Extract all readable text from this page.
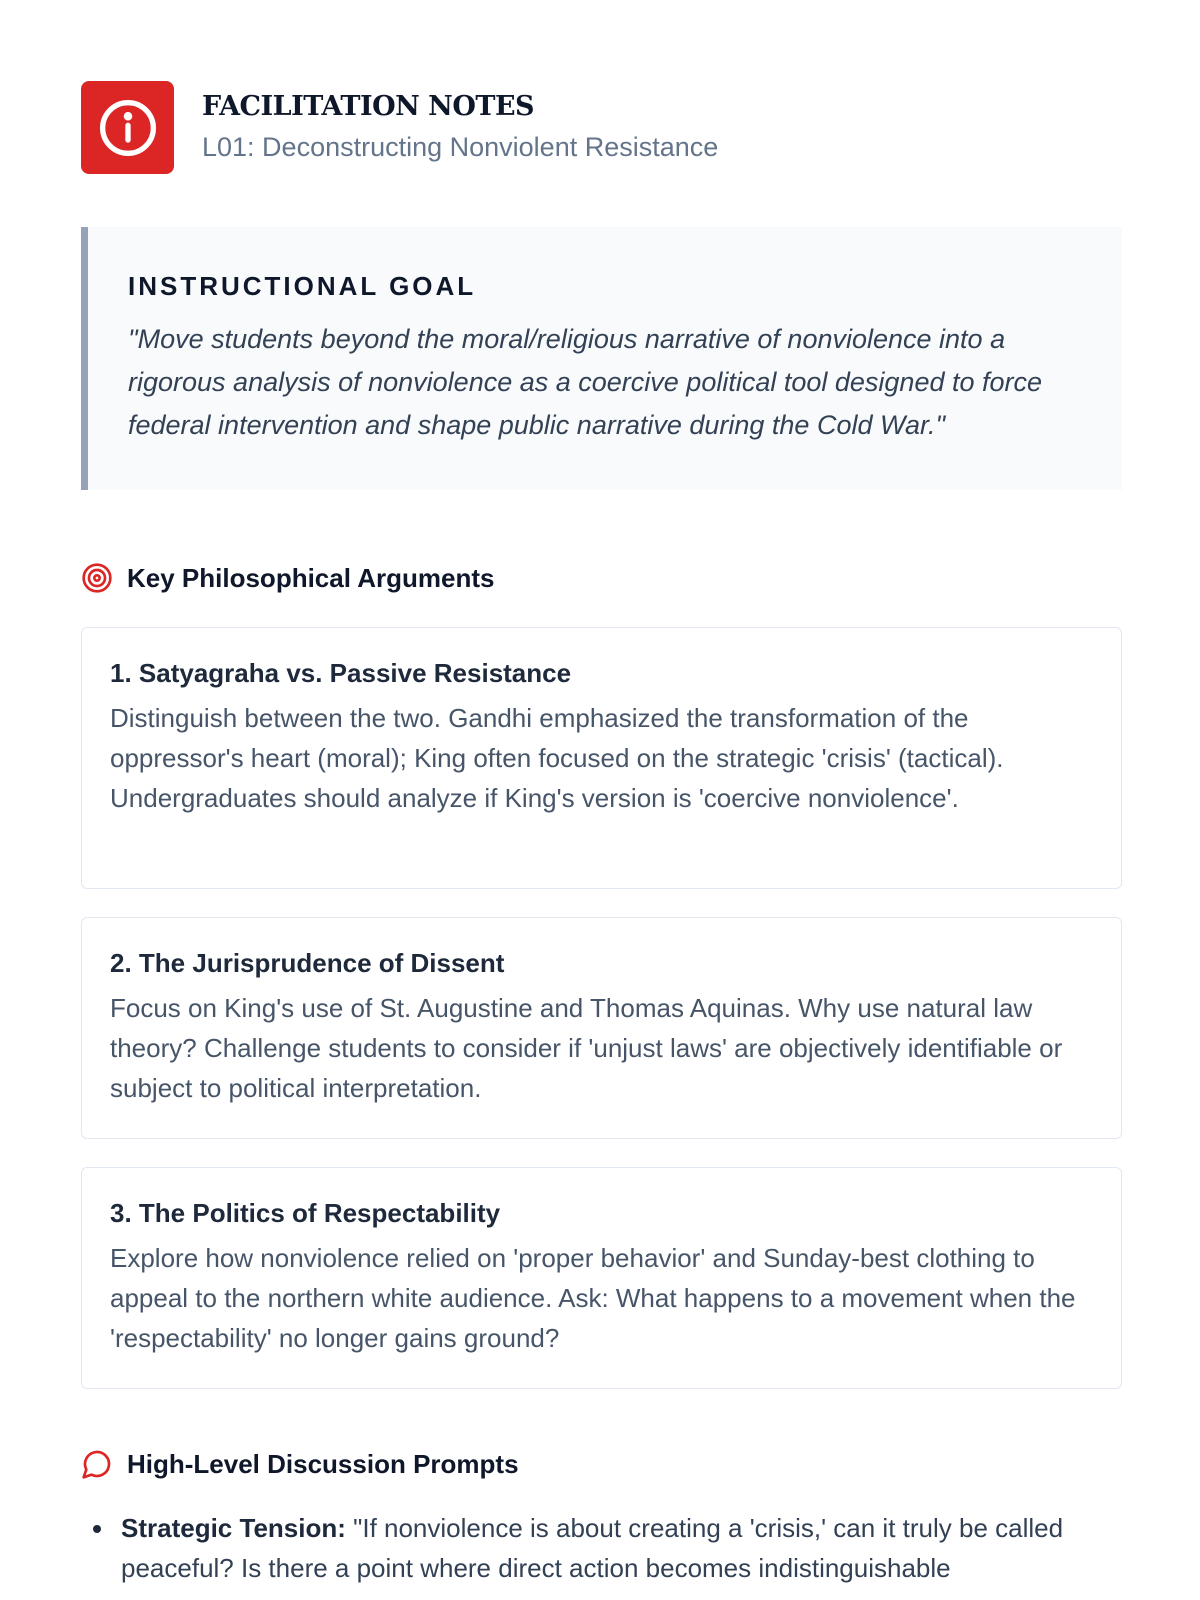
FACILITATION NOTES
L01: Deconstructing Nonviolent Resistance
INSTRUCTIONAL GOAL
"Move students beyond the moral/religious narrative of nonviolence into a rigorous analysis of nonviolence as a coercive political tool designed to force federal intervention and shape public narrative during the Cold War."
Key Philosophical Arguments
1. Satyagraha vs. Passive Resistance
Distinguish between the two. Gandhi emphasized the transformation of the oppressor's heart (moral); King often focused on the strategic 'crisis' (tactical). Undergraduates should analyze if King's version is 'coercive nonviolence'.
2. The Jurisprudence of Dissent
Focus on King's use of St. Augustine and Thomas Aquinas. Why use natural law theory? Challenge students to consider if 'unjust laws' are objectively identifiable or subject to political interpretation.
3. The Politics of Respectability
Explore how nonviolence relied on 'proper behavior' and Sunday-best clothing to appeal to the northern white audience. Ask: What happens to a movement when the 'respectability' no longer gains ground?
High-Level Discussion Prompts
Strategic Tension: "If nonviolence is about creating a 'crisis,' can it truly be called peaceful? Is there a point where direct action becomes indistinguishable
